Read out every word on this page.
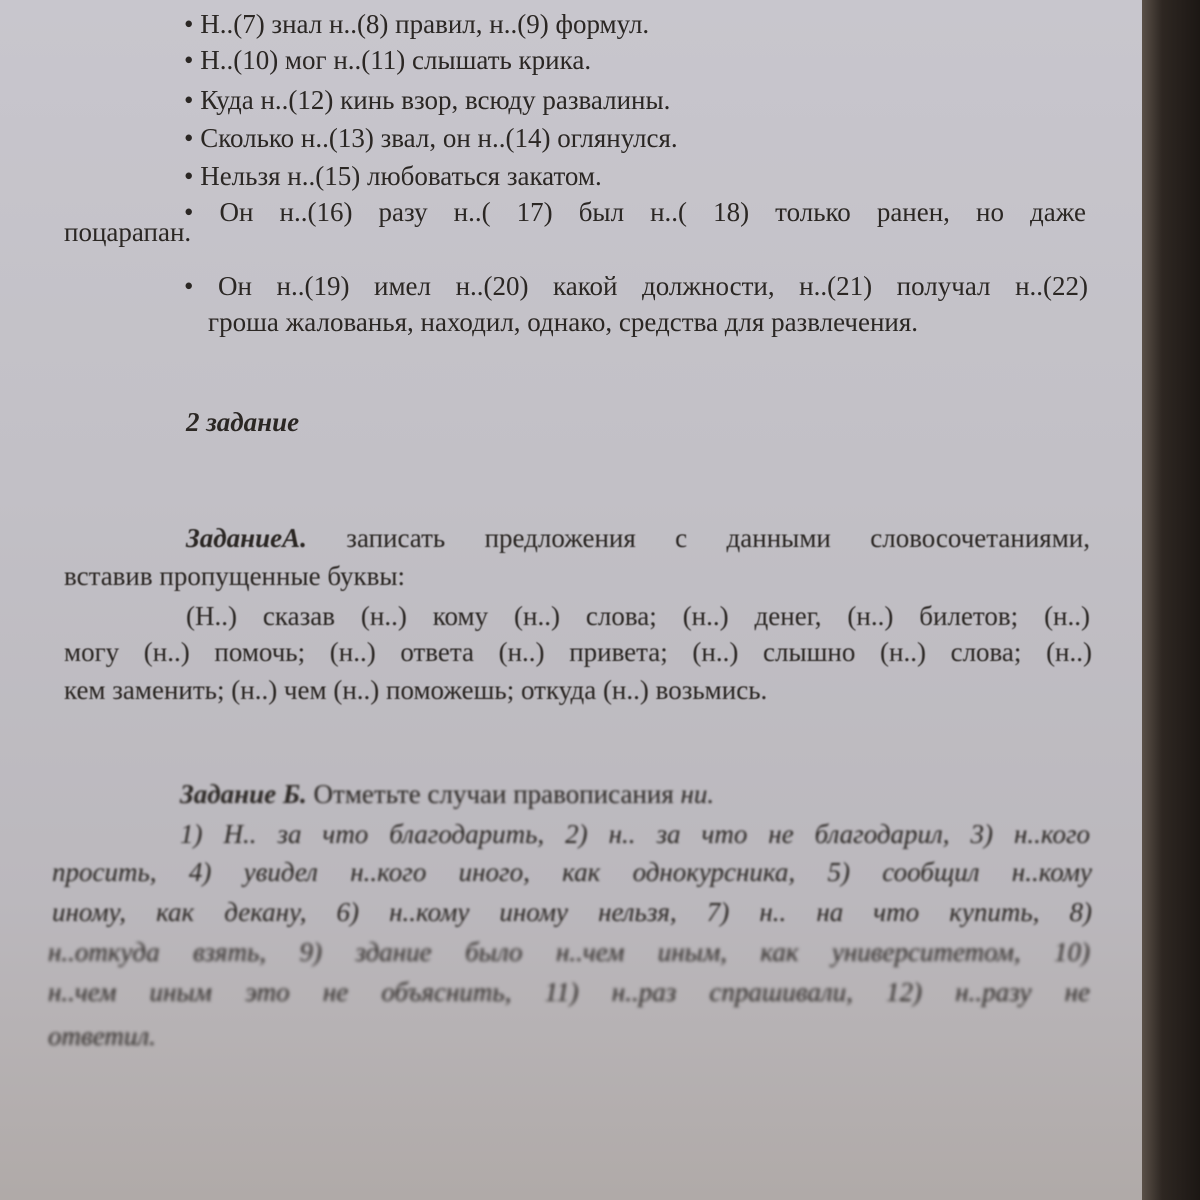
• Н..(7) знал н..(8) правил, н..(9) формул.
• Н..(10) мог н..(11) слышать крика.
• Куда н..(12) кинь взор, всюду развалины.
• Сколько н..(13) звал, он н..(14) оглянулся.
• Нельзя н..(15) любоваться закатом.
• Он н..(16) разу н..( 17) был н..( 18) только ранен, но даже
поцарапан.
• Он н..(19) имел н..(20) какой должности, н..(21) получал н..(22)
гроша жалованья, находил, однако, средства для развлечения.
2 задание
ЗаданиеА. записать предложения с данными словосочетаниями,
вставив пропущенные буквы:
(Н..) сказав (н..) кому (н..) слова; (н..) денег, (н..) билетов; (н..)
могу (н..) помочь; (н..) ответа (н..) привета; (н..) слышно (н..) слова; (н..)
кем заменить; (н..) чем (н..) поможешь; откуда (н..) возьмись.
Задание Б. Отметьте случаи правописания ни.
1) Н.. за что благодарить, 2) н.. за что не благодарил, 3) н..кого
просить, 4) увидел н..кого иного, как однокурсника, 5) сообщил н..кому
иному, как декану, 6) н..кому иному нельзя, 7) н.. на что купить, 8)
н..откуда взять, 9) здание было н..чем иным, как университетом, 10)
н..чем иным это не объяснить, 11) н..раз спрашивали, 12) н..разу не
ответил.
